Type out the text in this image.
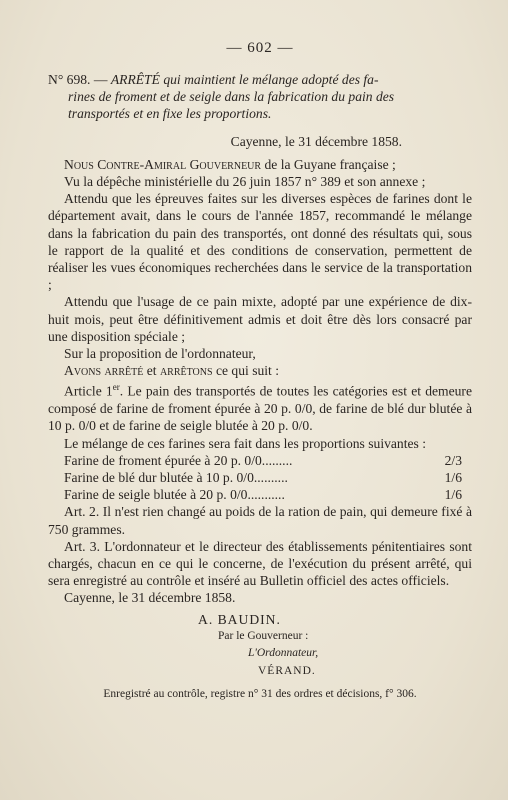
— 602 —

N° 698. — ARRÊTÉ qui maintient le mélange adopté des fa-

rines de froment et de seigle dans la fabrication du pain des

transportés et en fixe les proportions.

Cayenne, le 31 décembre 1858.

Nous Contre-Amiral Gouverneur de la Guyane française ;

Vu la dépêche ministérielle du 26 juin 1857 n° 389 et son annexe ;

Attendu que les épreuves faites sur les diverses espèces de farines dont le département avait, dans le cours de l'année 1857, recommandé le mélange dans la fabrication du pain des transportés, ont donné des résultats qui, sous le rapport de la qualité et des conditions de conservation, permettent de réaliser les vues économiques recherchées dans le service de la transportation ;

Attendu que l'usage de ce pain mixte, adopté par une expérience de dix-huit mois, peut être définitivement admis et doit être dès lors consacré par une disposition spéciale ;

Sur la proposition de l'ordonnateur,

Avons arrêté et arrêtons ce qui suit :

Article 1er. Le pain des transportés de toutes les catégories est et demeure composé de farine de froment épurée à 20 p. 0/0, de farine de blé dur blutée à 10 p. 0/0 et de farine de seigle blutée à 20 p. 0/0.

Le mélange de ces farines sera fait dans les proportions suivantes :

Farine de froment épurée à 20 p. 0/0.........	2/3
Farine de blé dur blutée à 10 p. 0/0..........	1/6
Farine de seigle blutée à 20 p. 0/0...........	1/6

Art. 2. Il n'est rien changé au poids de la ration de pain, qui demeure fixé à 750 grammes.

Art. 3. L'ordonnateur et le directeur des établissements pénitentiaires sont chargés, chacun en ce qui le concerne, de l'exécution du présent arrêté, qui sera enregistré au contrôle et inséré au Bulletin officiel des actes officiels.

Cayenne, le 31 décembre 1858.

A. BAUDIN.
Par le Gouverneur :
L'Ordonnateur,
VÉRAND.
Enregistré au contrôle, registre n° 31 des ordres et décisions, f° 306.
